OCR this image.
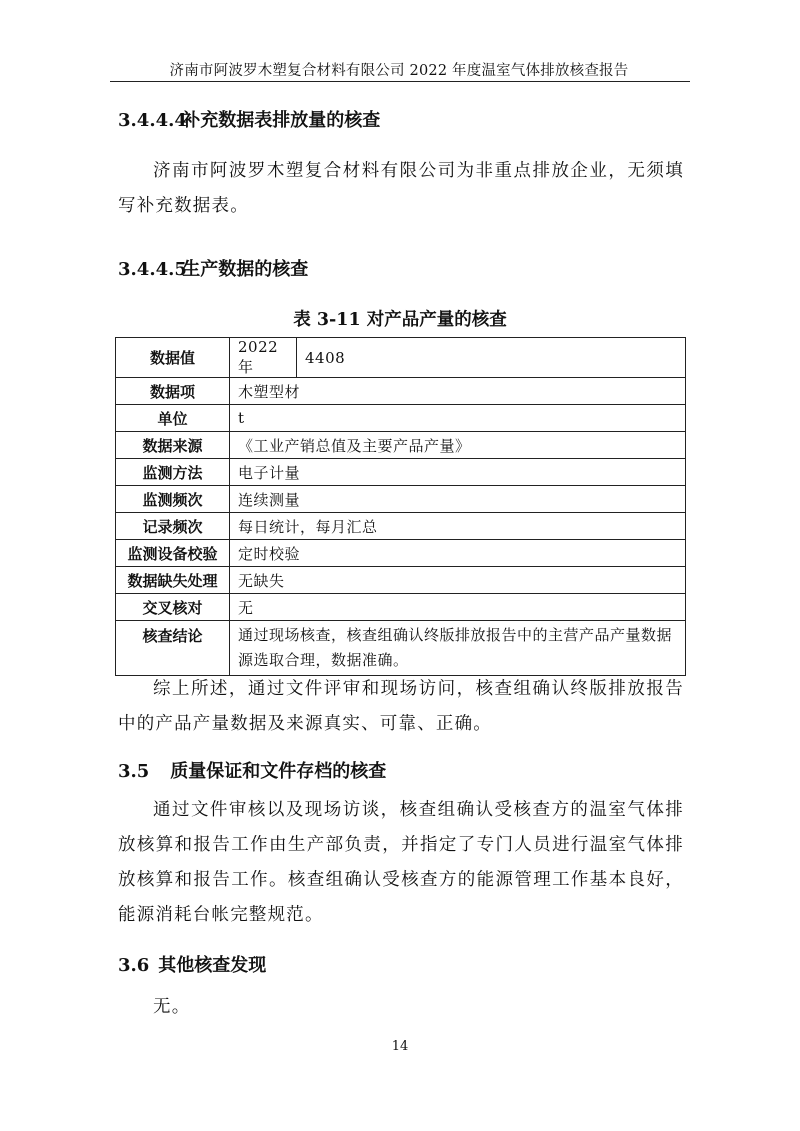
济南市阿波罗木塑复合材料有限公司 2022 年度温室气体排放核查报告
3.4.4.4 补充数据表排放量的核查
济南市阿波罗木塑复合材料有限公司为非重点排放企业，无须填写补充数据表。
3.4.4.5 生产数据的核查
表 3-11 对产品产量的核查
数据值	2022 年	4408
数据项	木塑型材	
单位	t	
数据来源	《工业产销总值及主要产品产量》	
监测方法	电子计量	
监测频次	连续测量	
记录频次	每日统计，每月汇总	
监测设备校验	定时校验	
数据缺失处理	无缺失	
交叉核对	无	
核查结论	通过现场核查，核查组确认终版排放报告中的主营产品产量数据源选取合理，数据准确。	
综上所述，通过文件评审和现场访问，核查组确认终版排放报告中的产品产量数据及来源真实、可靠、正确。
3.5 质量保证和文件存档的核查
通过文件审核以及现场访谈，核查组确认受核查方的温室气体排放核算和报告工作由生产部负责，并指定了专门人员进行温室气体排放核算和报告工作。核查组确认受核查方的能源管理工作基本良好，能源消耗台帐完整规范。
3.6 其他核查发现
无。
14
